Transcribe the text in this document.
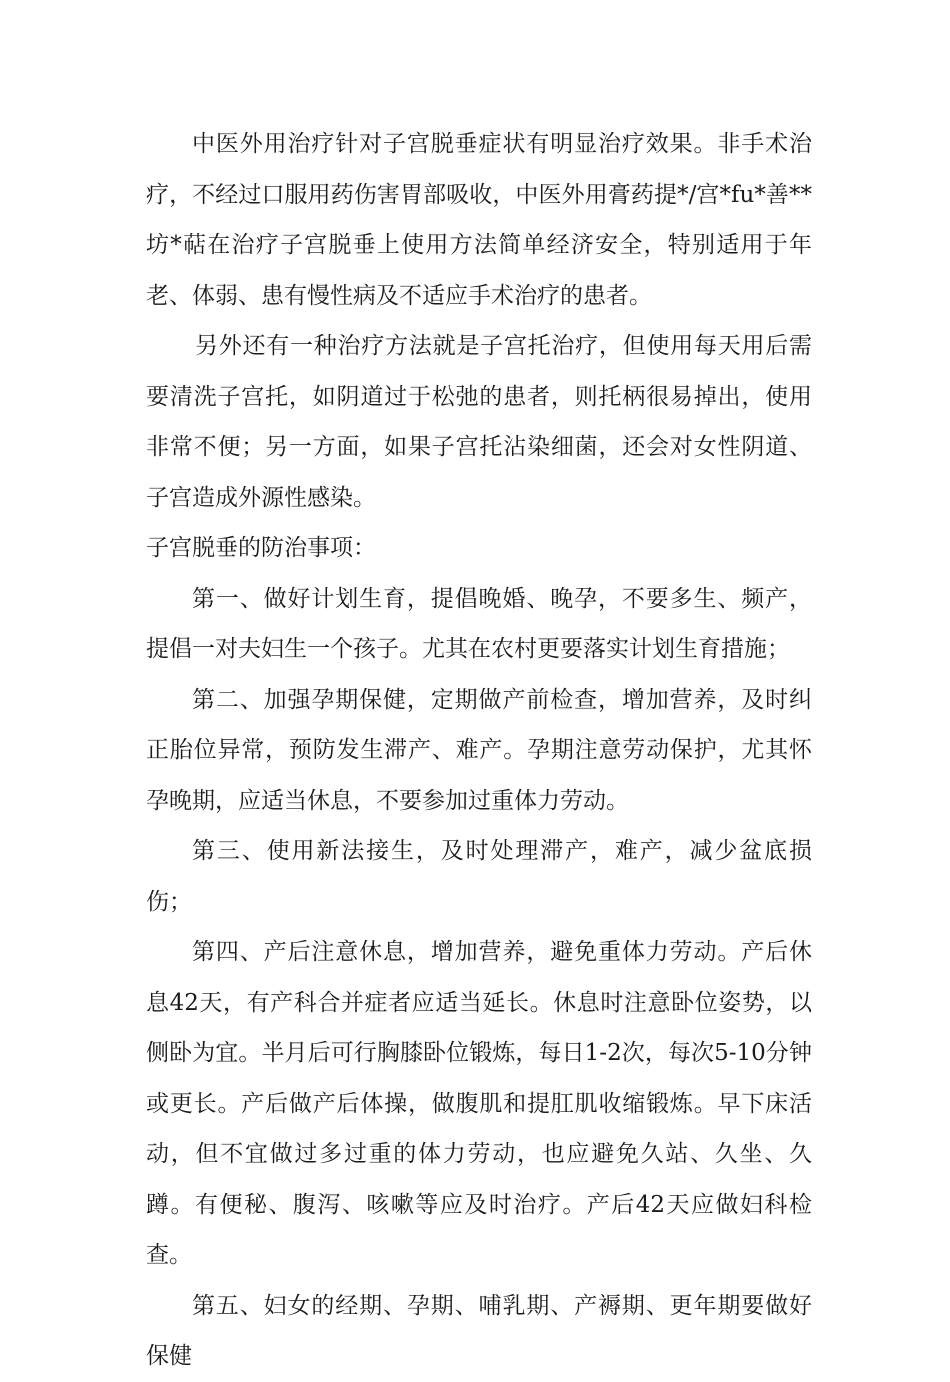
中医外用治疗针对子宫脱垂症状有明显治疗效果。非手术治疗，不经过口服用药伤害胃部吸收，中医外用膏药提*/宫*fu*善**坊*萜在治疗子宫脱垂上使用方法简单经济安全，特别适用于年老、体弱、患有慢性病及不适应手术治疗的患者。

另外还有一种治疗方法就是子宫托治疗，但使用每天用后需要清洗子宫托，如阴道过于松弛的患者，则托柄很易掉出，使用非常不便；另一方面，如果子宫托沾染细菌，还会对女性阴道、子宫造成外源性感染。

子宫脱垂的防治事项：

第一、做好计划生育，提倡晚婚、晚孕，不要多生、频产，提倡一对夫妇生一个孩子。尤其在农村更要落实计划生育措施；

第二、加强孕期保健，定期做产前检查，增加营养，及时纠正胎位异常，预防发生滞产、难产。孕期注意劳动保护，尤其怀孕晚期，应适当休息，不要参加过重体力劳动。

第三、使用新法接生，及时处理滞产，难产，减少盆底损伤；

第四、产后注意休息，增加营养，避免重体力劳动。产后休息42天，有产科合并症者应适当延长。休息时注意卧位姿势，以侧卧为宜。半月后可行胸膝卧位锻炼，每日1-2次，每次5-10分钟或更长。产后做产后体操，做腹肌和提肛肌收缩锻炼。早下床活动，但不宜做过多过重的体力劳动，也应避免久站、久坐、久蹲。有便秘、腹泻、咳嗽等应及时治疗。产后42天应做妇科检查。

第五、妇女的经期、孕期、哺乳期、产褥期、更年期要做好保健
